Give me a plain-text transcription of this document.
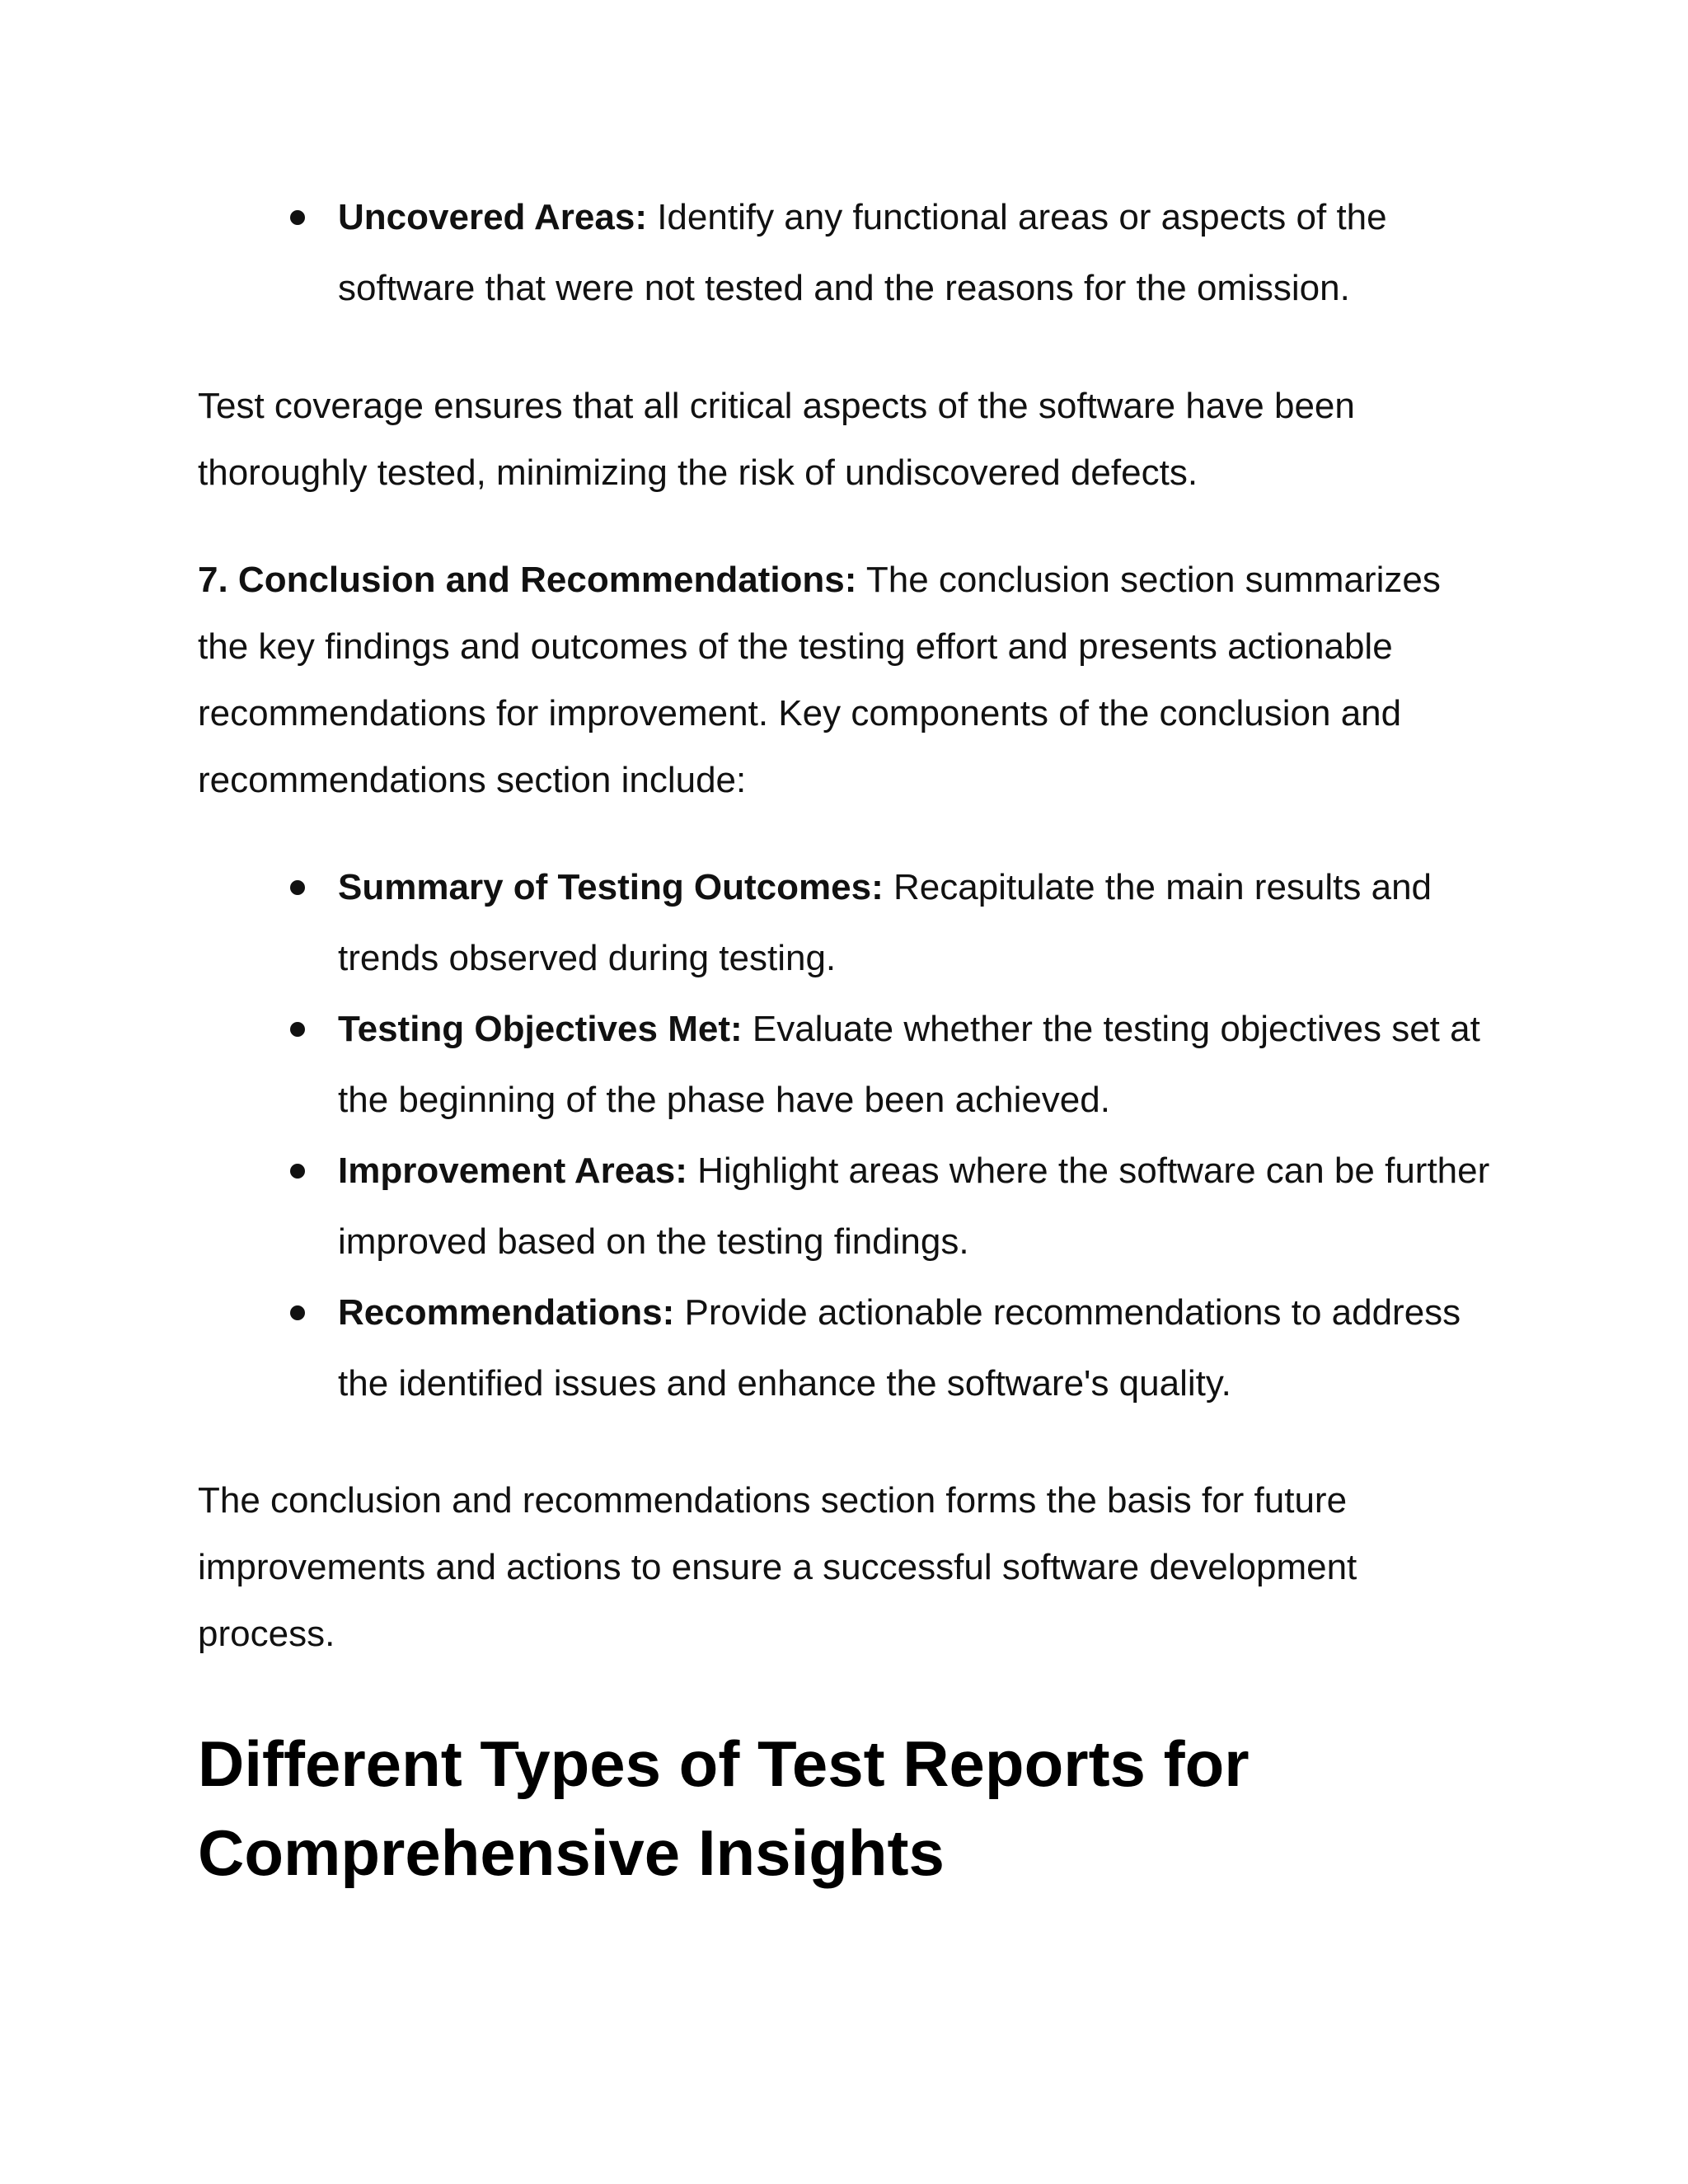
Uncovered Areas: Identify any functional areas or aspects of the software that were not tested and the reasons for the omission.

Test coverage ensures that all critical aspects of the software have been thoroughly tested, minimizing the risk of undiscovered defects.

7. Conclusion and Recommendations: The conclusion section summarizes the key findings and outcomes of the testing effort and presents actionable recommendations for improvement. Key components of the conclusion and recommendations section include:

Summary of Testing Outcomes: Recapitulate the main results and trends observed during testing.
Testing Objectives Met: Evaluate whether the testing objectives set at the beginning of the phase have been achieved.
Improvement Areas: Highlight areas where the software can be further improved based on the testing findings.
Recommendations: Provide actionable recommendations to address the identified issues and enhance the software's quality.

The conclusion and recommendations section forms the basis for future improvements and actions to ensure a successful software development process.

Different Types of Test Reports for Comprehensive Insights
